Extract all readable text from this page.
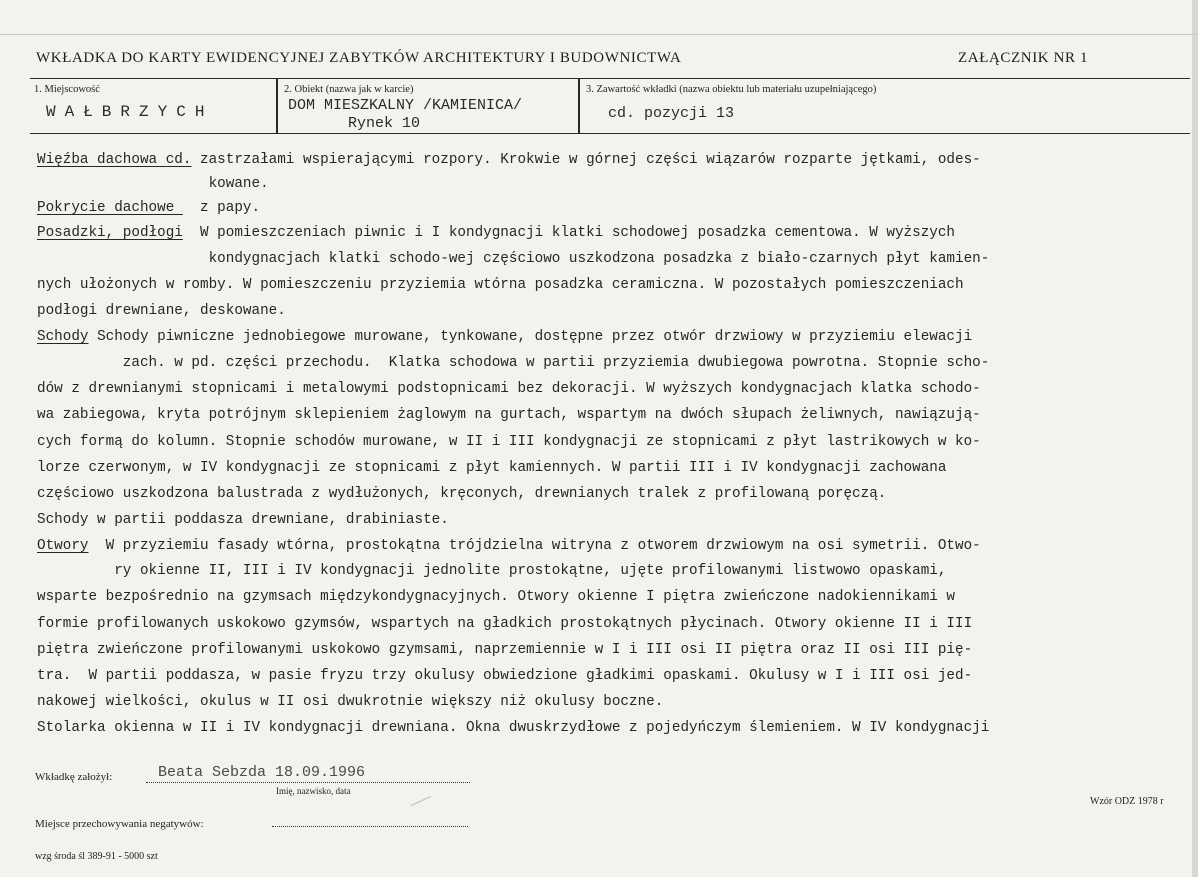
WKŁADKA DO KARTY EWIDENCYJNEJ ZABYTKÓW ARCHITEKTURY I BUDOWNICTWA	ZAŁĄCZNIK NR 1
1. Miejscowość
WAŁBRZYCH
2. Obiekt (nazwa jak w karcie)
DOM MIESZKALNY /KAMIENICA/
Rynek 10
3. Zawartość wkładki (nazwa obiektu lub materiału uzupełniającego)
cd. pozycji 13
Więźba dachowa cd. zastrzałami wspierającymi rozpory. Krokwie w górnej części wiązarów rozparte jętkami, odes-
kowane.
Pokrycie dachowe   z papy.
Posadzki, podłogi  W pomieszczeniach piwnic i I kondygnacji klatki schodowej posadzka cementowa. W wyższych
kondygnacjach klatki schodo-wej częściowo uszkodzona posadzka z biało-czarnych płyt kamien-
nych ułożonych w romby. W pomieszczeniu przyziemia wtórna posadzka ceramiczna. W pozostałych pomieszczeniach
podłogi drewniane, deskowane.
Schody Schody piwniczne jednobiegowe murowane, tynkowane, dostępne przez otwór drzwiowy w przyziemiu elewacji
zach. w pd. części przechodu.  Klatka schodowa w partii przyziemia dwubiegowa powrotna. Stopnie scho-
dów z drewnianymi stopnicami i metalowymi podstopnicami bez dekoracji. W wyższych kondygnacjach klatka schodo-
wa zabiegowa, kryta potrójnym sklepieniem żaglowym na gurtach, wspartym na dwóch słupach żeliwnych, nawiązują-
cych formą do kolumn. Stopnie schodów murowane, w II i III kondygnacji ze stopnicami z płyt lastrikowych w ko-
lorze czerwonym, w IV kondygnacji ze stopnicami z płyt kamiennych. W partii III i IV kondygnacji zachowana
częściowo uszkodzona balustrada z wydłużonych, kręconych, drewnianych tralek z profilowaną poręczą.
Schody w partii poddasza drewniane, drabiniaste.
Otwory  W przyziemiu fasady wtórna, prostokątna trójdzielna witryna z otworem drzwiowym na osi symetrii. Otwo-
ry okienne II, III i IV kondygnacji jednolite prostokątne, ujęte profilowanymi listwowo opaskami,
wsparte bezpośrednio na gzymsach międzykondygnacyjnych. Otwory okienne I piętra zwieńczone nadokiennikami w
formie profilowanych uskokowo gzymsów, wspartych na gładkich prostokątnych płycinach. Otwory okienne II i III
piętra zwieńczone profilowanymi uskokowo gzymsami, naprzemiennie w I i III osi II piętra oraz II osi III pię-
tra.  W partii poddasza, w pasie fryzu trzy okulusy obwiedzione gładkimi opaskami. Okulusy w I i III osi jed-
nakowej wielkości, okulus w II osi dwukrotnie większy niż okulusy boczne.
Stolarka okienna w II i IV kondygnacji drewniana. Okna dwuskrzydłowe z pojedyńczym ślemieniem. W IV kondygnacji
Wkładkę założył:	Beata Sebzda 18.09.1996
Imię, nazwisko, data
Wzór ODZ 1978 r
Miejsce przechowywania negatywów:
wzg środa śl 389-91 - 5000 szt
